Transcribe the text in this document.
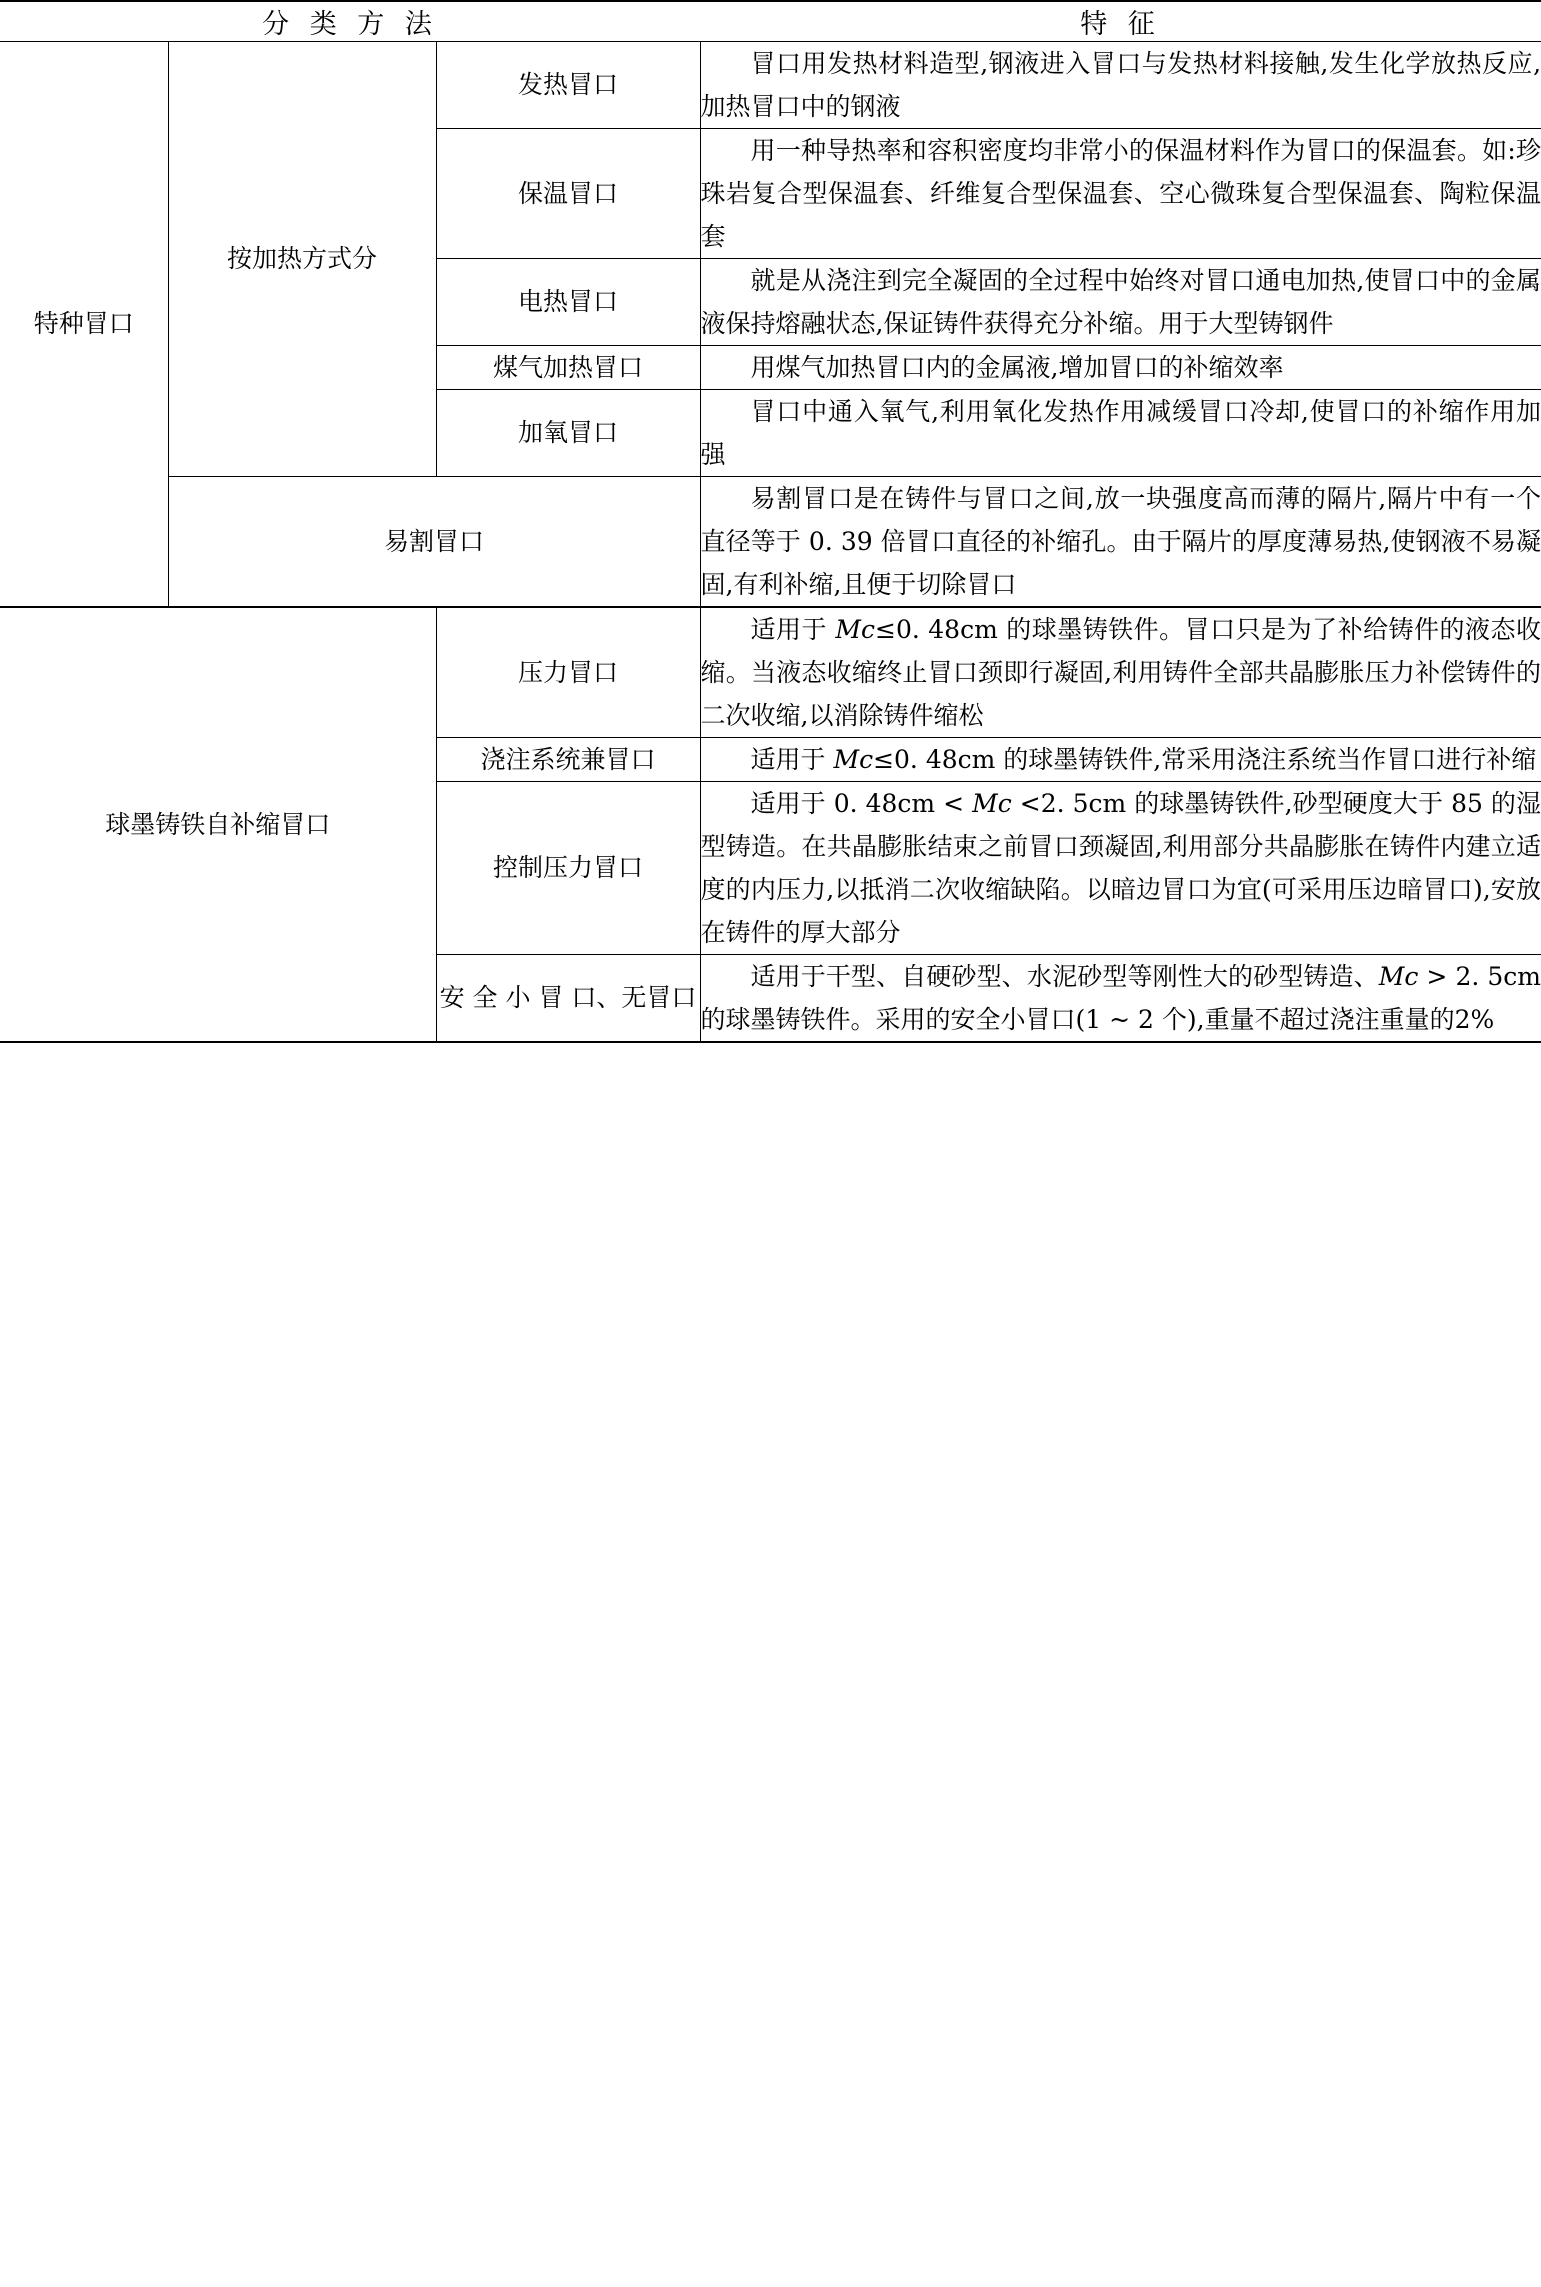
分 类 方 法			特 征
特种冒口	按加热方式分	发热冒口	冒口用发热材料造型,钢液进入冒口与发热材料接触,发生化学放热反应,加热冒口中的钢液

		保温冒口	用一种导热率和容积密度均非常小的保温材料作为冒口的保温套。如:珍珠岩复合型保温套、纤维复合型保温套、空心微珠复合型保温套、陶粒保温套

		电热冒口	就是从浇注到完全凝固的全过程中始终对冒口通电加热,使冒口中的金属液保持熔融状态,保证铸件获得充分补缩。用于大型铸钢件

		煤气加热冒口	用煤气加热冒口内的金属液,增加冒口的补缩效率

		加氧冒口	冒口中通入氧气,利用氧化发热作用减缓冒口冷却,使冒口的补缩作用加强

	易割冒口		易割冒口是在铸件与冒口之间,放一块强度高而薄的隔片,隔片中有一个直径等于 0. 39 倍冒口直径的补缩孔。由于隔片的厚度薄易热,使钢液不易凝固,有利补缩,且便于切除冒口

球墨铸铁自补缩冒口		压力冒口	适用于 Mc≤0. 48cm 的球墨铸铁件。冒口只是为了补给铸件的液态收缩。当液态收缩终止冒口颈即行凝固,利用铸件全部共晶膨胀压力补偿铸件的二次收缩,以消除铸件缩松

		浇注系统兼冒口	适用于 Mc≤0. 48cm 的球墨铸铁件,常采用浇注系统当作冒口进行补缩

		控制压力冒口	适用于 0. 48cm < Mc <2. 5cm 的球墨铸铁件,砂型硬度大于 85 的湿型铸造。在共晶膨胀结束之前冒口颈凝固,利用部分共晶膨胀在铸件内建立适度的内压力,以抵消二次收缩缺陷。以暗边冒口为宜(可采用压边暗冒口),安放在铸件的厚大部分

		安 全 小 冒 口、无冒口	适用于干型、自硬砂型、水泥砂型等刚性大的砂型铸造、Mc > 2. 5cm 的球墨铸铁件。采用的安全小冒口(1 ~ 2 个),重量不超过浇注重量的2%
